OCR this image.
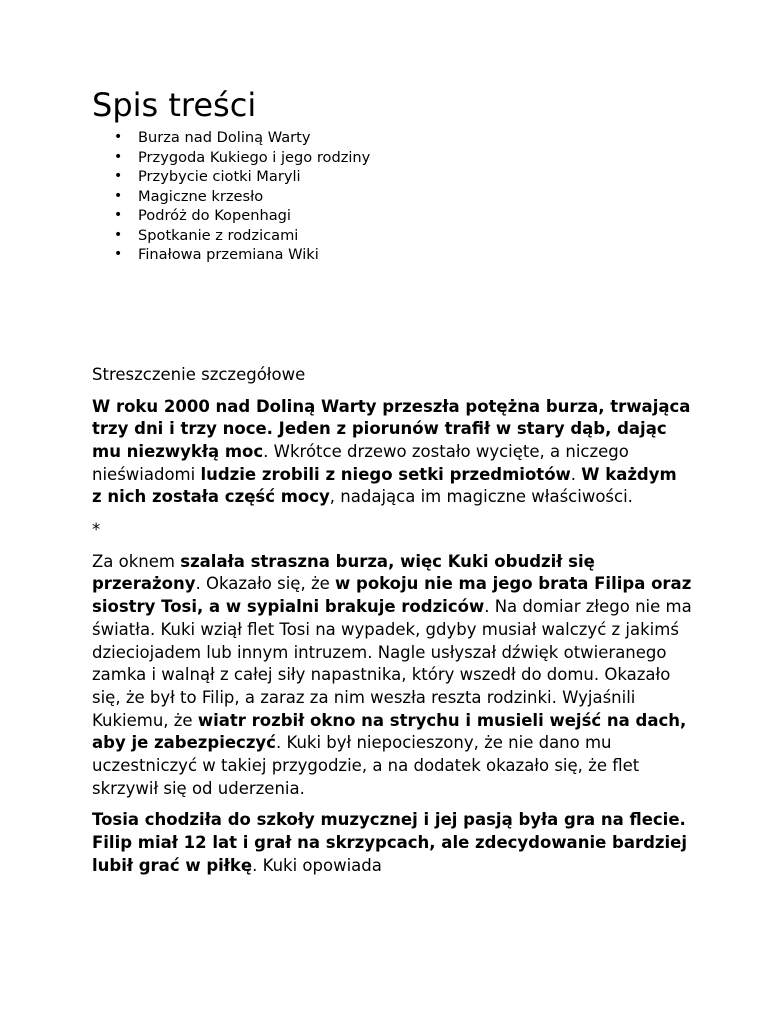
Spis treści
• Burza nad Doliną Warty
• Przygoda Kukiego i jego rodziny
• Przybycie ciotki Maryli
• Magiczne krzesło
• Podróż do Kopenhagi
• Spotkanie z rodzicami
• Finałowa przemiana Wiki
Streszczenie szczegółowe

W roku 2000 nad Doliną Warty przeszła potężna burza, trwająca trzy dni i trzy noce. Jeden z piorunów trafił w stary dąb, dając mu niezwykłą moc. Wkrótce drzewo zostało wycięte, a niczego nieświadomi ludzie zrobili z niego setki przedmiotów. W każdym z nich została część mocy, nadająca im magiczne właściwości.

*

Za oknem szalała straszna burza, więc Kuki obudził się przerażony. Okazało się, że w pokoju nie ma jego brata Filipa oraz siostry Tosi, a w sypialni brakuje rodziców. Na domiar złego nie ma światła. Kuki wziął flet Tosi na wypadek, gdyby musiał walczyć z jakimś dzieciojadem lub innym intruzem. Nagle usłyszał dźwięk otwieranego zamka i walnął z całej siły napastnika, który wszedł do domu. Okazało się, że był to Filip, a zaraz za nim weszła reszta rodzinki. Wyjaśnili Kukiemu, że wiatr rozbił okno na strychu i musieli wejść na dach, aby je zabezpieczyć. Kuki był niepocieszony, że nie dano mu uczestniczyć w takiej przygodzie, a na dodatek okazało się, że flet skrzywił się od uderzenia.

Tosia chodziła do szkoły muzycznej i jej pasją była gra na flecie. Filip miał 12 lat i grał na skrzypcach, ale zdecydowanie bardziej lubił grać w piłkę. Kuki opowiada
